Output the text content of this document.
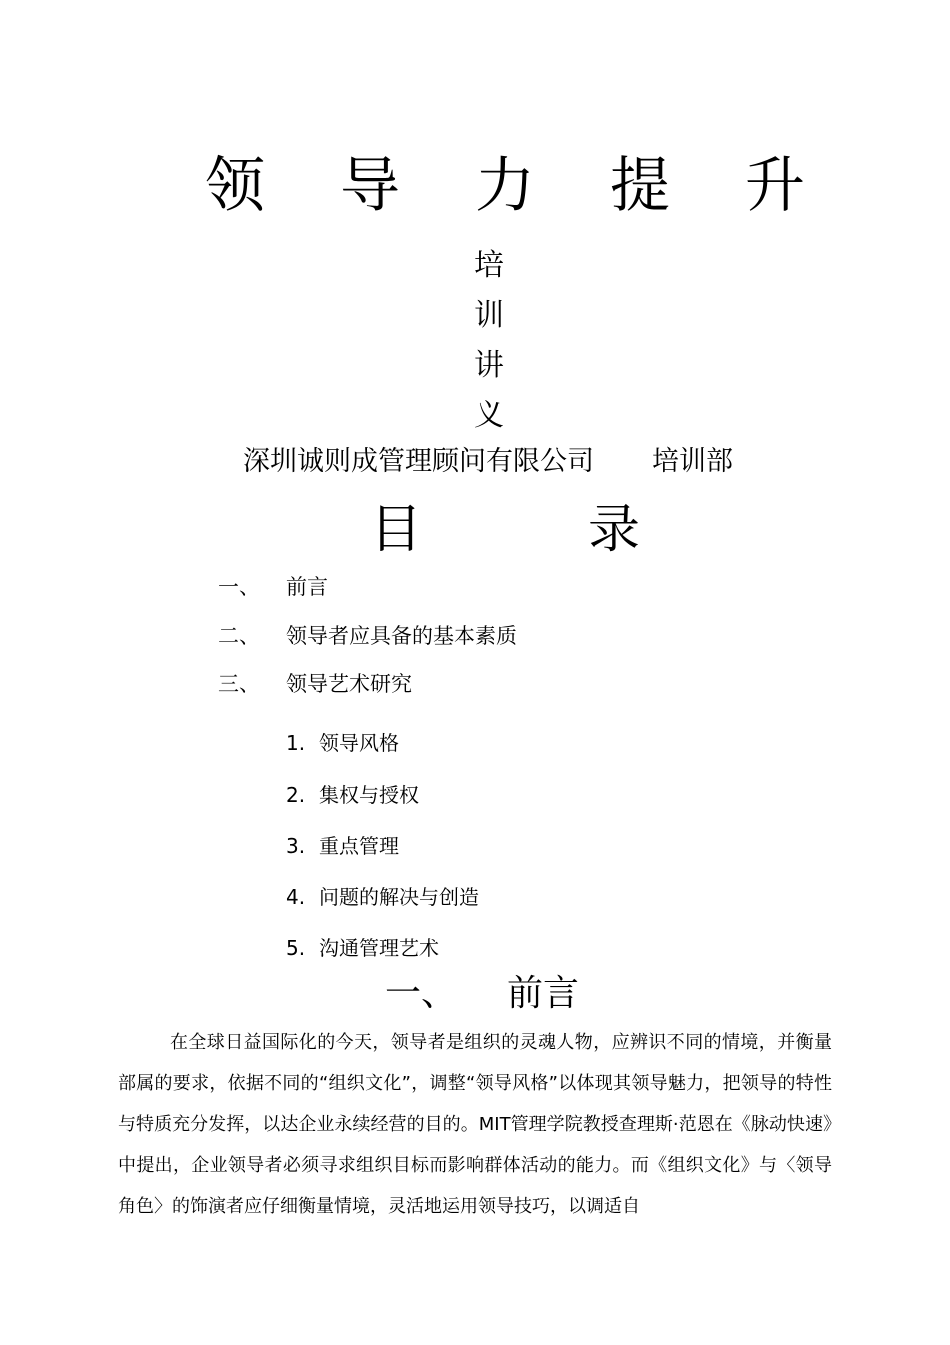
领 导 力 提 升
培
训
讲
义
深圳诚则成管理顾问有限公司 培训部
目	录
一、 前言
二、 领导者应具备的基本素质
三、 领导艺术研究
1. 领导风格
2. 集权与授权
3. 重点管理
4. 问题的解决与创造
5. 沟通管理艺术
一、 前言
在全球日益国际化的今天，领导者是组织的灵魂人物，应辨识不同的情境，并衡量部属的要求，依据不同的“组织文化”，调整“领导风格”以体现其领导魅力，把领导的特性与特质充分发挥，以达企业永续经营的目的。MIT管理学院教授查理斯·范恩在《脉动快速》中提出，企业领导者必须寻求组织目标而影响群体活动的能力。而《组织文化》与〈领导角色〉的饰演者应仔细衡量情境，灵活地运用领导技巧，以调适自
